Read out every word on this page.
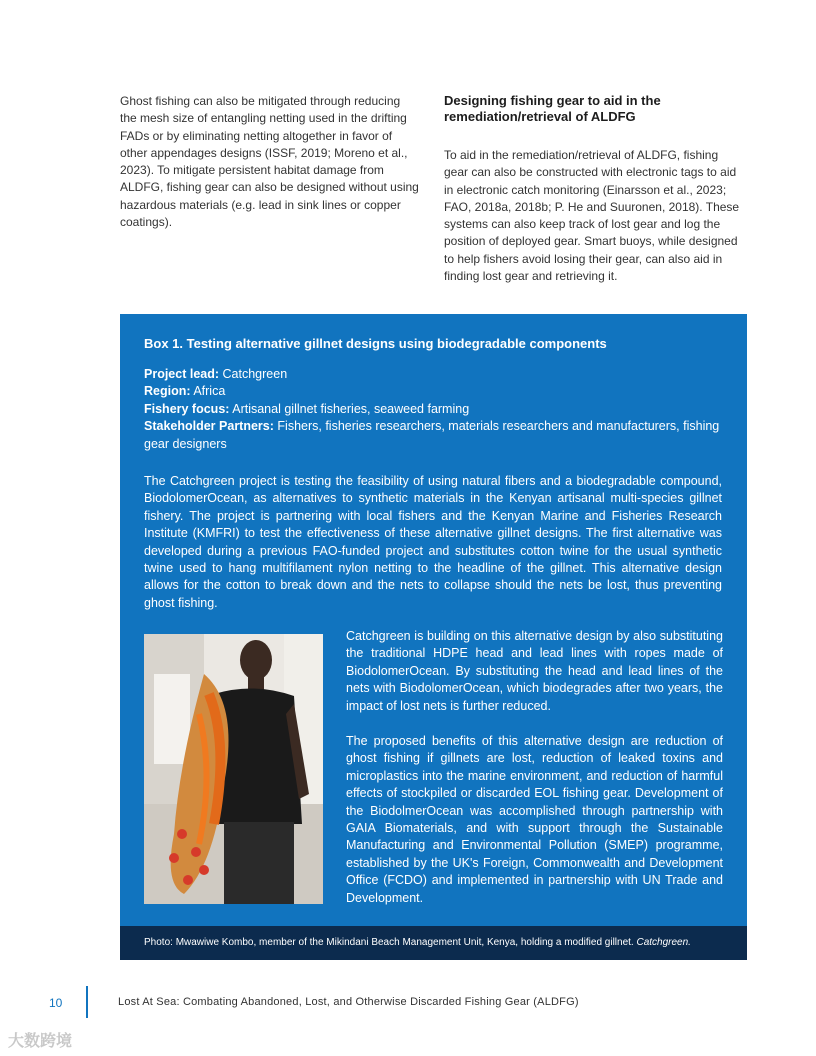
Ghost fishing can also be mitigated through reducing the mesh size of entangling netting used in the drifting FADs or by eliminating netting altogether in favor of other appendages designs (ISSF, 2019; Moreno et al., 2023). To mitigate persistent habitat damage from ALDFG, fishing gear can also be designed without using hazardous materials (e.g. lead in sink lines or copper coatings).

Designing fishing gear to aid in the remediation/retrieval of ALDFG

To aid in the remediation/retrieval of ALDFG, fishing gear can also be constructed with electronic tags to aid in electronic catch monitoring (Einarsson et al., 2023; FAO, 2018a, 2018b; P. He and Suuronen, 2018). These systems can also keep track of lost gear and log the position of deployed gear. Smart buoys, while designed to help fishers avoid losing their gear, can also aid in finding lost gear and retrieving it.

Box 1. Testing alternative gillnet designs using biodegradable components

Project lead: Catchgreen

Region: Africa

Fishery focus: Artisanal gillnet fisheries, seaweed farming

Stakeholder Partners: Fishers, fisheries researchers, materials researchers and manufacturers, fishing gear designers

The Catchgreen project is testing the feasibility of using natural fibers and a biodegradable compound, BiodolomerOcean, as alternatives to synthetic materials in the Kenyan artisanal multi-species gillnet fishery. The project is partnering with local fishers and the Kenyan Marine and Fisheries Research Institute (KMFRI) to test the effectiveness of these alternative gillnet designs. The first alternative was developed during a previous FAO-funded project and substitutes cotton twine for the usual synthetic twine used to hang multifilament nylon netting to the headline of the gillnet. This alternative design allows for the cotton to break down and the nets to collapse should the nets be lost, thus preventing ghost fishing.

Catchgreen is building on this alternative design by also substituting the traditional HDPE head and lead lines with ropes made of BiodolomerOcean. By substituting the head and lead lines of the nets with BiodolomerOcean, which biodegrades after two years, the impact of lost nets is further reduced.

The proposed benefits of this alternative design are reduction of ghost fishing if gillnets are lost, reduction of leaked toxins and microplastics into the marine environment, and reduction of harmful effects of stockpiled or discarded EOL fishing gear. Development of the BiodolmerOcean was accomplished through partnership with GAIA Biomaterials, and with support through the Sustainable Manufacturing and Environmental Pollution (SMEP) programme, established by the UK's Foreign, Commonwealth and Development Office (FCDO) and implemented in partnership with UN Trade and Development.

Photo: Mwawiwe Kombo, member of the Mikindani Beach Management Unit, Kenya, holding a modified gillnet. Catchgreen.

10	Lost At Sea: Combating Abandoned, Lost, and Otherwise Discarded Fishing Gear (ALDFG)
大数跨境
